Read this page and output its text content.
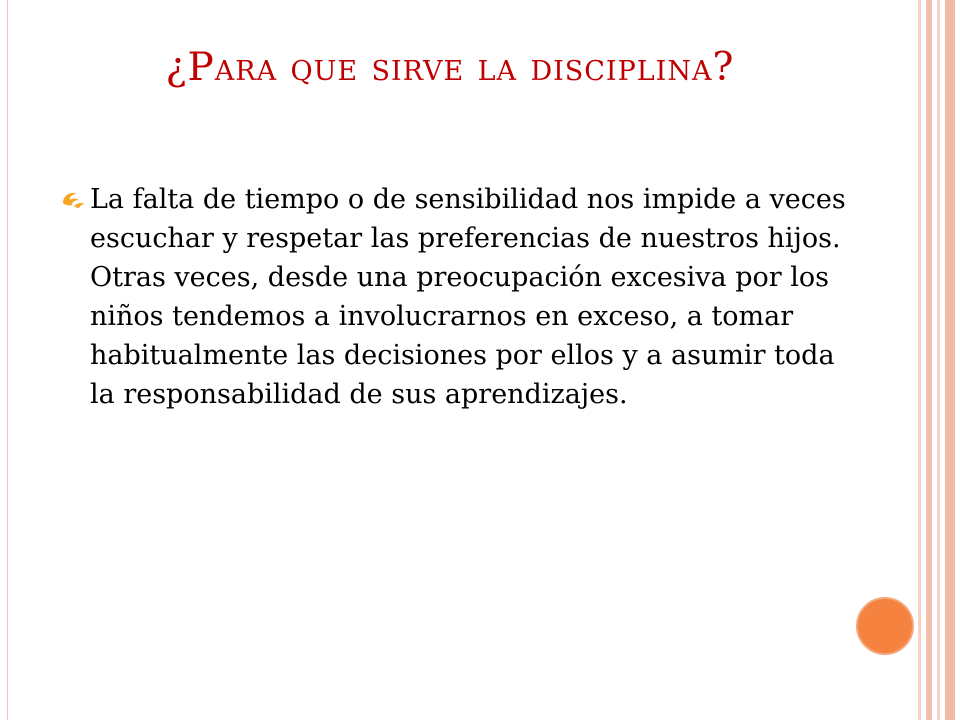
¿Para que sirve la disciplina?
La falta de tiempo o de sensibilidad nos impide a veces escuchar y respetar las preferencias de nuestros hijos. Otras veces, desde una preocupación excesiva por los niños tendemos a involucrarnos en exceso, a tomar habitualmente las decisiones por ellos y a asumir toda la responsabilidad de sus aprendizajes.
